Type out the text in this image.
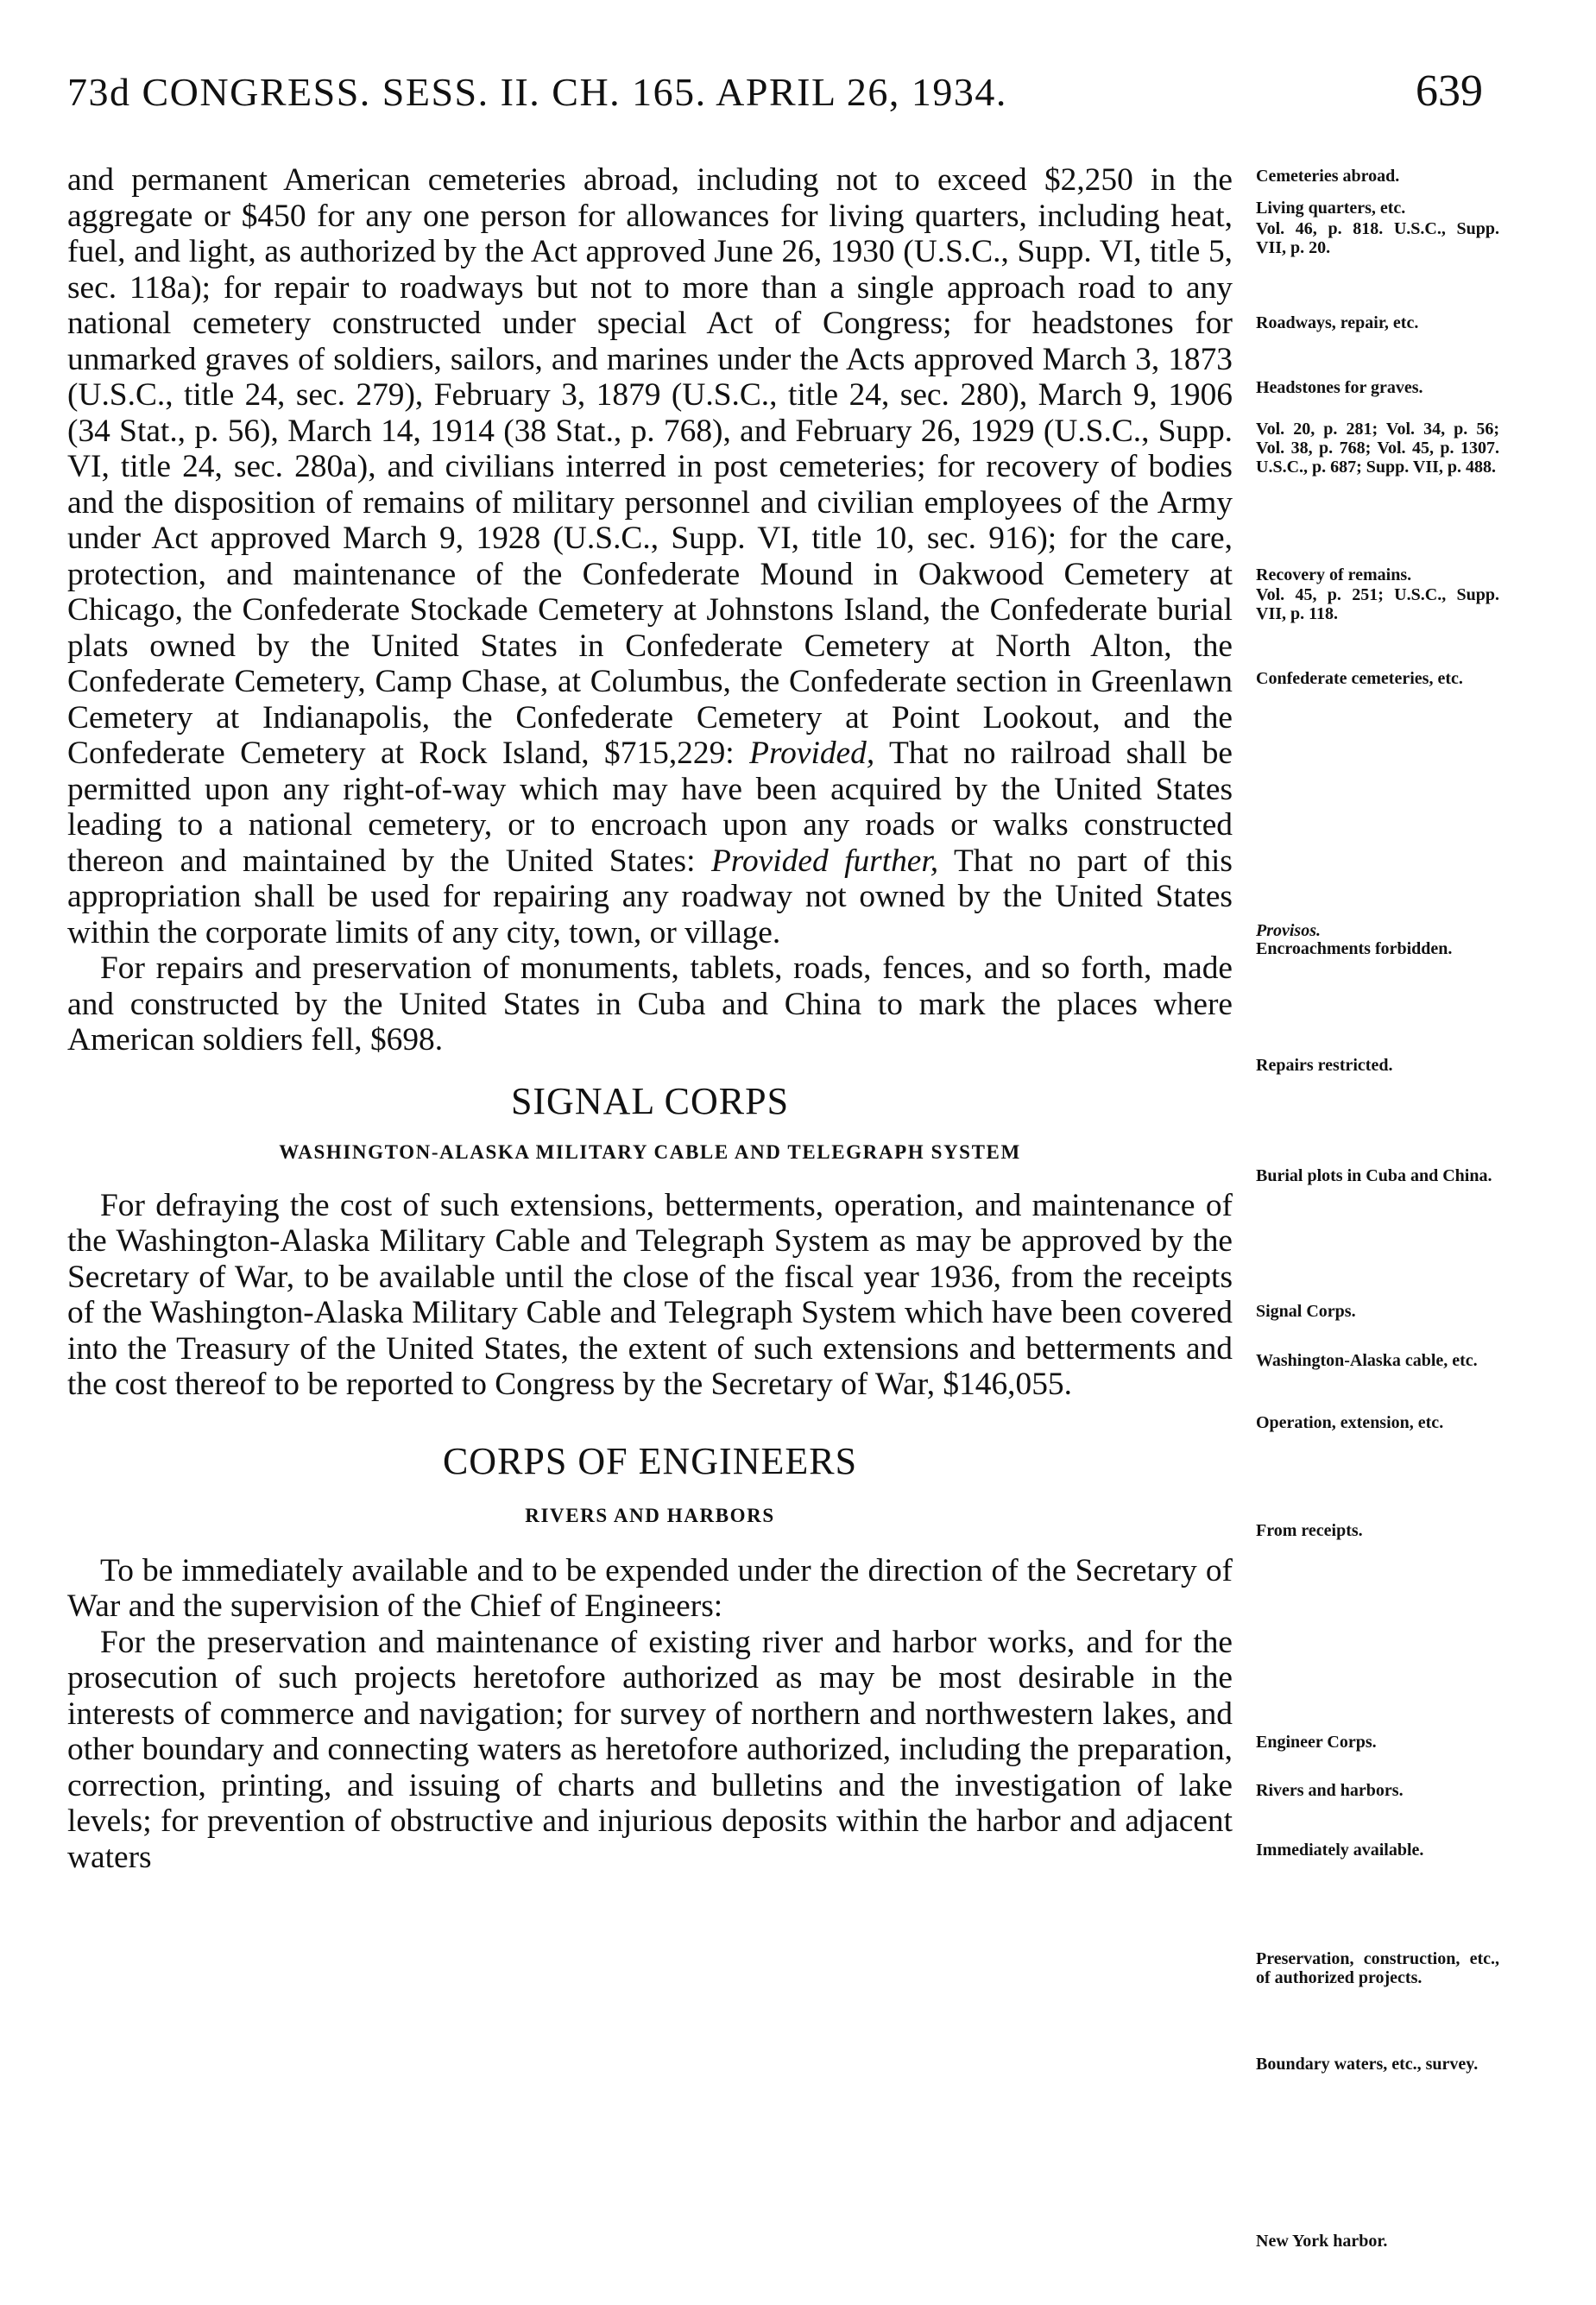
73d CONGRESS. SESS. II. CH. 165. APRIL 26, 1934.	639

and permanent American cemeteries abroad, including not to exceed $2,250 in the aggregate or $450 for any one person for allowances for living quarters, including heat, fuel, and light, as authorized by the Act approved June 26, 1930 (U.S.C., Supp. VI, title 5, sec. 118a); for repair to roadways but not to more than a single approach road to any national cemetery constructed under special Act of Congress; for headstones for unmarked graves of soldiers, sailors, and marines under the Acts approved March 3, 1873 (U.S.C., title 24, sec. 279), February 3, 1879 (U.S.C., title 24, sec. 280), March 9, 1906 (34 Stat., p. 56), March 14, 1914 (38 Stat., p. 768), and February 26, 1929 (U.S.C., Supp. VI, title 24, sec. 280a), and civilians interred in post cemeteries; for recovery of bodies and the disposition of remains of military personnel and civilian employees of the Army under Act approved March 9, 1928 (U.S.C., Supp. VI, title 10, sec. 916); for the care, protection, and maintenance of the Confederate Mound in Oakwood Cemetery at Chicago, the Confederate Stockade Cemetery at Johnstons Island, the Confederate burial plats owned by the United States in Confederate Cemetery at North Alton, the Confederate Cemetery, Camp Chase, at Columbus, the Confederate section in Greenlawn Cemetery at Indianapolis, the Confederate Cemetery at Point Lookout, and the Confederate Cemetery at Rock Island, $715,229: Provided, That no railroad shall be permitted upon any right-of-way which may have been acquired by the United States leading to a national cemetery, or to encroach upon any roads or walks constructed thereon and maintained by the United States: Provided further, That no part of this appropriation shall be used for repairing any roadway not owned by the United States within the corporate limits of any city, town, or village.

For repairs and preservation of monuments, tablets, roads, fences, and so forth, made and constructed by the United States in Cuba and China to mark the places where American soldiers fell, $698.

SIGNAL CORPS
WASHINGTON-ALASKA MILITARY CABLE AND TELEGRAPH SYSTEM

For defraying the cost of such extensions, betterments, operation, and maintenance of the Washington-Alaska Military Cable and Telegraph System as may be approved by the Secretary of War, to be available until the close of the fiscal year 1936, from the receipts of the Washington-Alaska Military Cable and Telegraph System which have been covered into the Treasury of the United States, the extent of such extensions and betterments and the cost thereof to be reported to Congress by the Secretary of War, $146,055.

CORPS OF ENGINEERS
RIVERS AND HARBORS

To be immediately available and to be expended under the direction of the Secretary of War and the supervision of the Chief of Engineers:

For the preservation and maintenance of existing river and harbor works, and for the prosecution of such projects heretofore authorized as may be most desirable in the interests of commerce and navigation; for survey of northern and northwestern lakes, and other boundary and connecting waters as heretofore authorized, including the preparation, correction, printing, and issuing of charts and bulletins and the investigation of lake levels; for prevention of obstructive and injurious deposits within the harbor and adjacent waters

Cemeteries abroad.
Living quarters, etc.
Vol. 46, p. 818. U.S.C., Supp. VII, p. 20.
Roadways, repair, etc.
Headstones for graves.
Vol. 20, p. 281; Vol. 34, p. 56; Vol. 38, p. 768; Vol. 45, p. 1307. U.S.C., p. 687; Supp. VII, p. 488.
Recovery of remains.
Vol. 45, p. 251; U.S.C., Supp. VII, p. 118.
Confederate cemeteries, etc.
Provisos.
Encroachments forbidden.
Repairs restricted.
Burial plots in Cuba and China.
Signal Corps.
Washington-Alaska cable, etc.
Operation, extension, etc.
From receipts.
Engineer Corps.
Rivers and harbors.
Immediately available.
Preservation, construction, etc., of authorized projects.
Boundary waters, etc., survey.
New York harbor.
